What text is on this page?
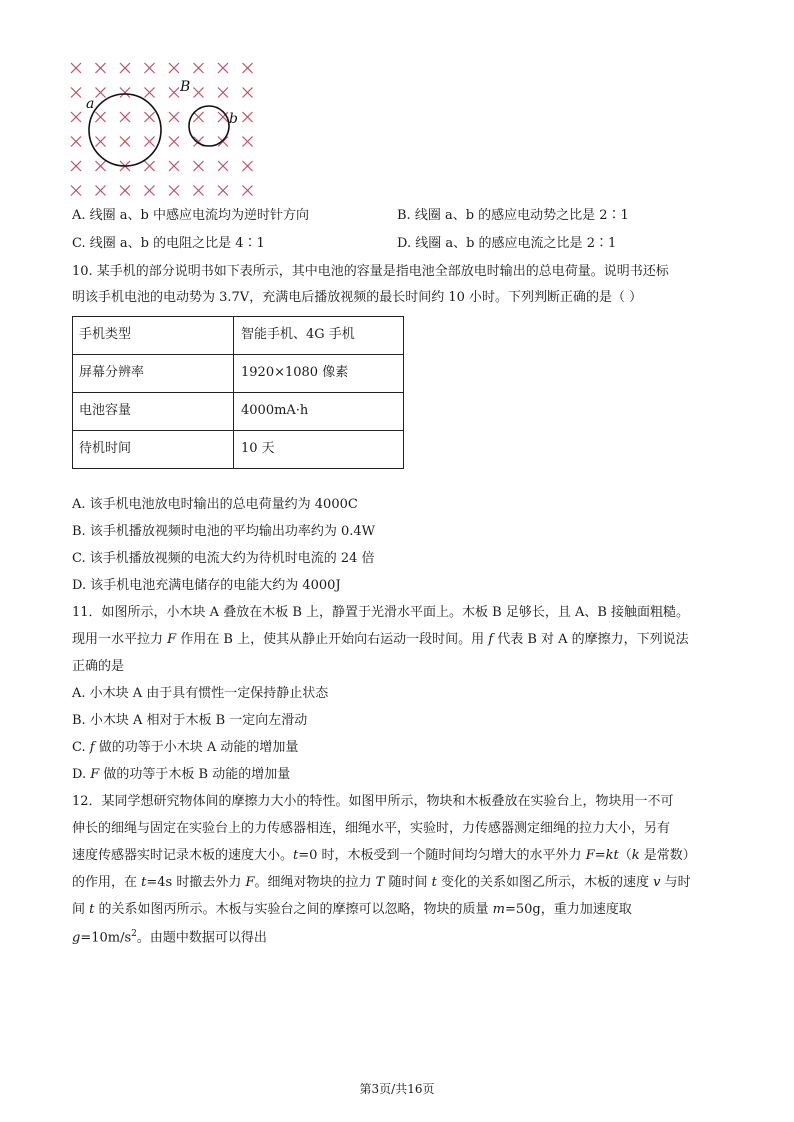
a
B
b
A. 线圈 a、b 中感应电流均为逆时针方向	B. 线圈 a、b 的感应电动势之比是 2∶1
C. 线圈 a、b 的电阻之比是 4∶1	D. 线圈 a、b 的感应电流之比是 2∶1
10. 某手机的部分说明书如下表所示，其中电池的容量是指电池全部放电时输出的总电荷量。说明书还标
明该手机电池的电动势为 3.7V，充满电后播放视频的最长时间约 10 小时。下列判断正确的是（ ）
手机类型	智能手机、4G 手机
屏幕分辨率	1920×1080 像素
电池容量	4000mA·h
待机时间	10 天
A. 该手机电池放电时输出的总电荷量约为 4000C
B. 该手机播放视频时电池的平均输出功率约为 0.4W
C. 该手机播放视频的电流大约为待机时电流的 24 倍
D. 该手机电池充满电储存的电能大约为 4000J
11．如图所示，小木块 A 叠放在木板 B 上，静置于光滑水平面上。木板 B 足够长，且 A、B 接触面粗糙。
现用一水平拉力 F 作用在 B 上，使其从静止开始向右运动一段时间。用 f 代表 B 对 A 的摩擦力，下列说法
正确的是
A. 小木块 A 由于具有惯性一定保持静止状态
B. 小木块 A 相对于木板 B 一定向左滑动
C. f 做的功等于小木块 A 动能的增加量
D. F 做的功等于木板 B 动能的增加量
12．某同学想研究物体间的摩擦力大小的特性。如图甲所示，物块和木板叠放在实验台上，物块用一不可
伸长的细绳与固定在实验台上的力传感器相连，细绳水平，实验时，力传感器测定细绳的拉力大小，另有
速度传感器实时记录木板的速度大小。t=0 时，木板受到一个随时间均匀增大的水平外力 F=kt（k 是常数）
的作用，在 t=4s 时撤去外力 F。细绳对物块的拉力 T 随时间 t 变化的关系如图乙所示，木板的速度 v 与时
间 t 的关系如图丙所示。木板与实验台之间的摩擦可以忽略，物块的质量 m=50g，重力加速度取
$g=10m/s^2$。由题中数据可以得出
第3页/共16页
